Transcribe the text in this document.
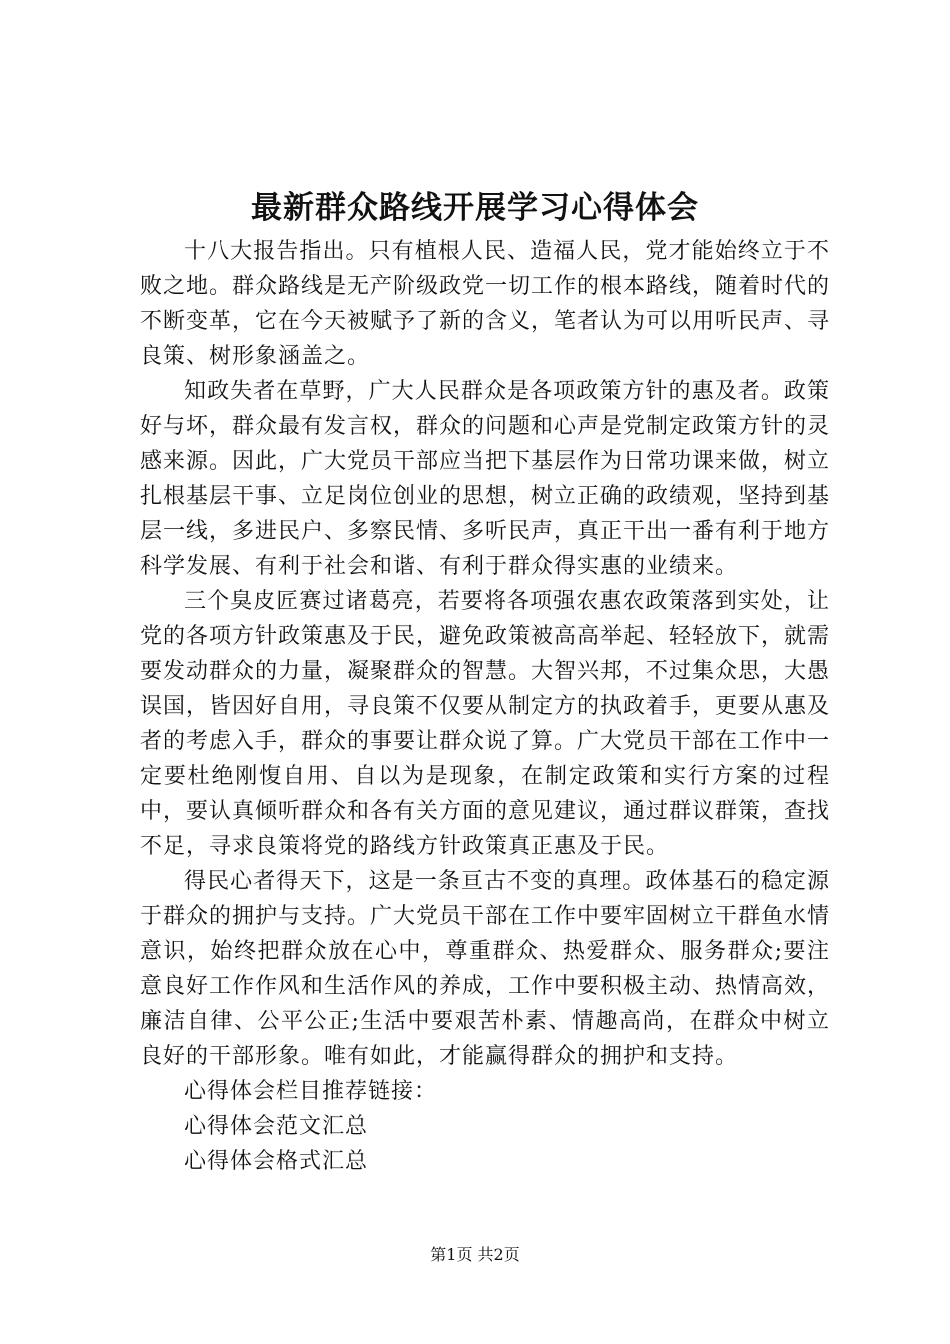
最新群众路线开展学习心得体会

十八大报告指出。只有植根人民、造福人民，党才能始终立于不败之地。群众路线是无产阶级政党一切工作的根本路线，随着时代的不断变革，它在今天被赋予了新的含义，笔者认为可以用听民声、寻良策、树形象涵盖之。

知政失者在草野，广大人民群众是各项政策方针的惠及者。政策好与坏，群众最有发言权，群众的问题和心声是党制定政策方针的灵感来源。因此，广大党员干部应当把下基层作为日常功课来做，树立扎根基层干事、立足岗位创业的思想，树立正确的政绩观，坚持到基层一线，多进民户、多察民情、多听民声，真正干出一番有利于地方科学发展、有利于社会和谐、有利于群众得实惠的业绩来。

三个臭皮匠赛过诸葛亮，若要将各项强农惠农政策落到实处，让党的各项方针政策惠及于民，避免政策被高高举起、轻轻放下，就需要发动群众的力量，凝聚群众的智慧。大智兴邦，不过集众思，大愚误国，皆因好自用，寻良策不仅要从制定方的执政着手，更要从惠及者的考虑入手，群众的事要让群众说了算。广大党员干部在工作中一定要杜绝刚愎自用、自以为是现象，在制定政策和实行方案的过程中，要认真倾听群众和各有关方面的意见建议，通过群议群策，查找不足，寻求良策将党的路线方针政策真正惠及于民。

得民心者得天下，这是一条亘古不变的真理。政体基石的稳定源于群众的拥护与支持。广大党员干部在工作中要牢固树立干群鱼水情意识，始终把群众放在心中，尊重群众、热爱群众、服务群众;要注意良好工作作风和生活作风的养成，工作中要积极主动、热情高效，廉洁自律、公平公正;生活中要艰苦朴素、情趣高尚，在群众中树立良好的干部形象。唯有如此，才能赢得群众的拥护和支持。

心得体会栏目推荐链接：

心得体会范文汇总

心得体会格式汇总

第1页 共2页
